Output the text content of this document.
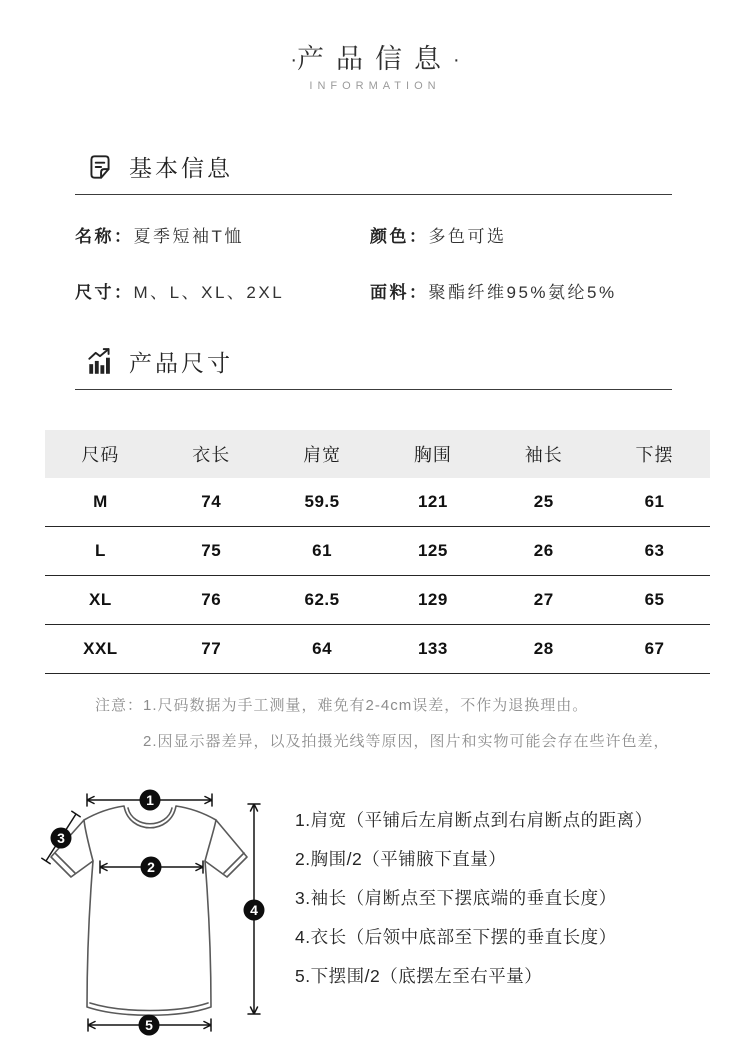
·产品信息·
INFORMATION
基本信息
名称：夏季短袖T恤	颜色：多色可选
尺寸：M、L、XL、2XL	面料：聚酯纤维95%氨纶5%
产品尺寸
尺码	衣长	肩宽	胸围	袖长	下摆
M	74	59.5	121	25	61
L	75	61	125	26	63
XL	76	62.5	129	27	65
XXL	77	64	133	28	67
注意： 1.尺码数据为手工测量，难免有2-4cm误差，不作为退换理由。
2.因显示器差异，以及拍摄光线等原因，图片和实物可能会存在些许色差，
1
2
3
4
5
1.肩宽（平铺后左肩断点到右肩断点的距离）
2.胸围/2（平铺腋下直量）
3.袖长（肩断点至下摆底端的垂直长度）
4.衣长（后领中底部至下摆的垂直长度）
5.下摆围/2（底摆左至右平量）
